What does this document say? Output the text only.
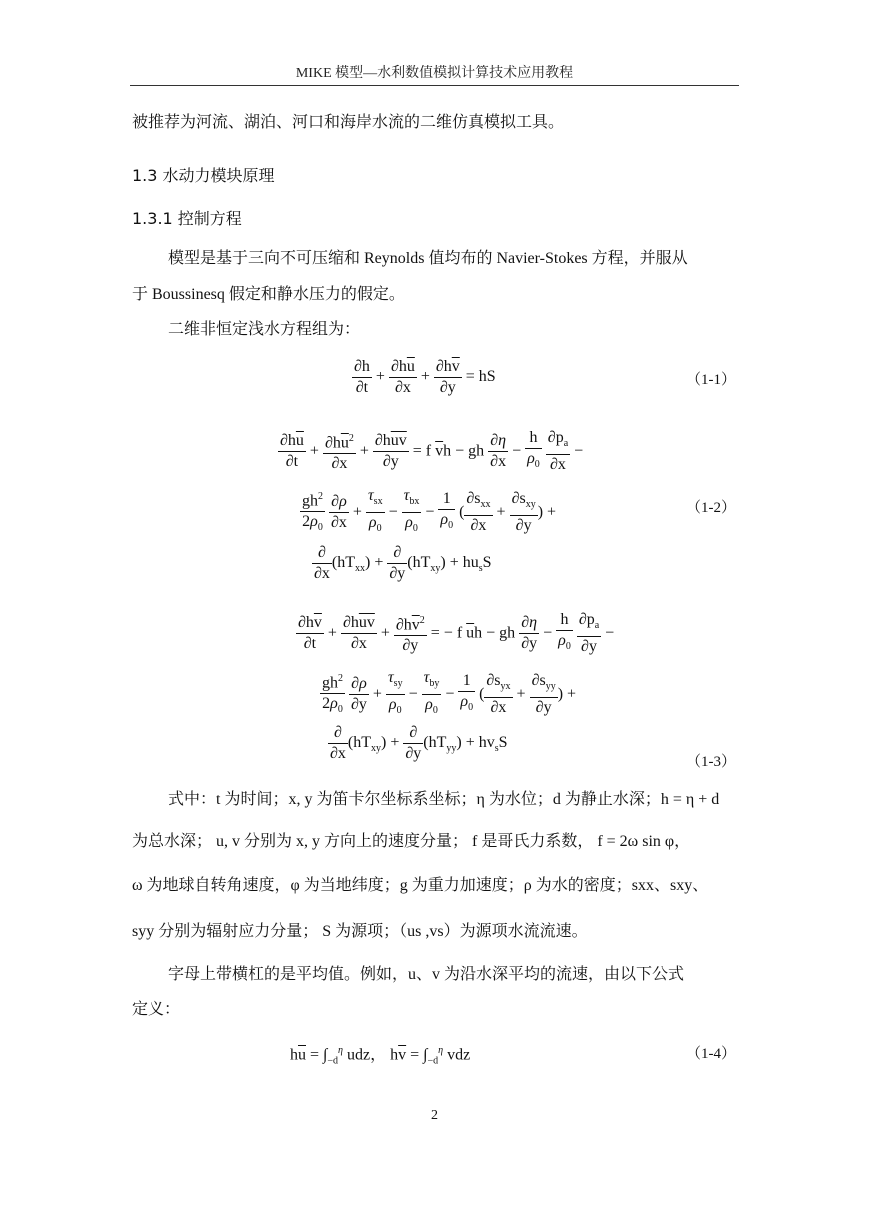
MIKE 模型—水利数值模拟计算技术应用教程
被推荐为河流、湖泊、河口和海岸水流的二维仿真模拟工具。
1.3 水动力模块原理
1.3.1 控制方程
模型是基于三向不可压缩和 Reynolds 值均布的 Navier-Stokes 方程，并服从
于 Boussinesq 假定和静水压力的假定。
二维非恒定浅水方程组为：
$\frac{\partial h}{\partial t} + \frac{\partial h\overline{u}}{\partial x} + \frac{\partial h\overline{v}}{\partial y}$ = hS	（1-1）
$\frac{\partial h\overline{u}}{\partial t} + \frac{\partial h\overline{u}^2}{\partial x} + \frac{\partial h\overline{uv}}{\partial y} = f$ $\overline{v}h$ − gh $\frac{\partial\eta}{\partial x} - \frac{h}{\rho_0}$
$\frac{\partial p_a}{\partial x}$ −
$\frac{gh^2}{2\rho_0}$
$\frac{\partial\rho}{\partial x} + \frac{\tau_{sx}}{\rho_0} - \frac{\tau_{bx}}{\rho_0} - \frac{1}{\rho_0}$ ( $\frac{\partial s_{xx}}{\partial x} + \frac{\partial s_{xy}}{\partial y}$ ) +	（1-2）
$\frac{\partial}{\partial x} (hT_{xx}) + \frac{\partial}{\partial y} (hT_{xy}) + hu_sS$
$\frac{\partial h\overline{v}}{\partial t} + \frac{\partial h\overline{uv}}{\partial x} + \frac{\partial h\overline{v}^2}{\partial y}$ = − f $\overline{u}h$ − gh $\frac{\partial\eta}{\partial y} - \frac{h}{\rho_0}$
$\frac{\partial p_a}{\partial y}$ −
$\frac{gh^2}{2\rho_0}$
$\frac{\partial\rho}{\partial y} + \frac{\tau_{sy}}{\rho_0} - \frac{\tau_{by}}{\rho_0} - \frac{1}{\rho_0}$ ( $\frac{\partial s_{yx}}{\partial x} + \frac{\partial s_{yy}}{\partial y}$ ) +
$\frac{\partial}{\partial x} (hT_{xy}) + \frac{\partial}{\partial y} (hT_{yy}) + hv_sS$
（1-3）
式中：t 为时间；x, y 为笛卡尔坐标系坐标；η 为水位；d 为静止水深；h = η + d
为总水深； u, v 分别为 x, y 方向上的速度分量； f 是哥氏力系数， f = 2ω sin φ，
ω 为地球自转角速度，φ 为当地纬度；g 为重力加速度；ρ 为水的密度；sxx、sxy、
syy 分别为辐射应力分量； S 为源项；（us ,vs）为源项水流流速。
字母上带横杠的是平均值。例如，u、v 为沿水深平均的流速，由以下公式
定义：
$h\overline{u} = \int_{-d}^\eta$ udz， $h\overline{v} = \int_{-d}^\eta$ vdz	（1-4）
2
